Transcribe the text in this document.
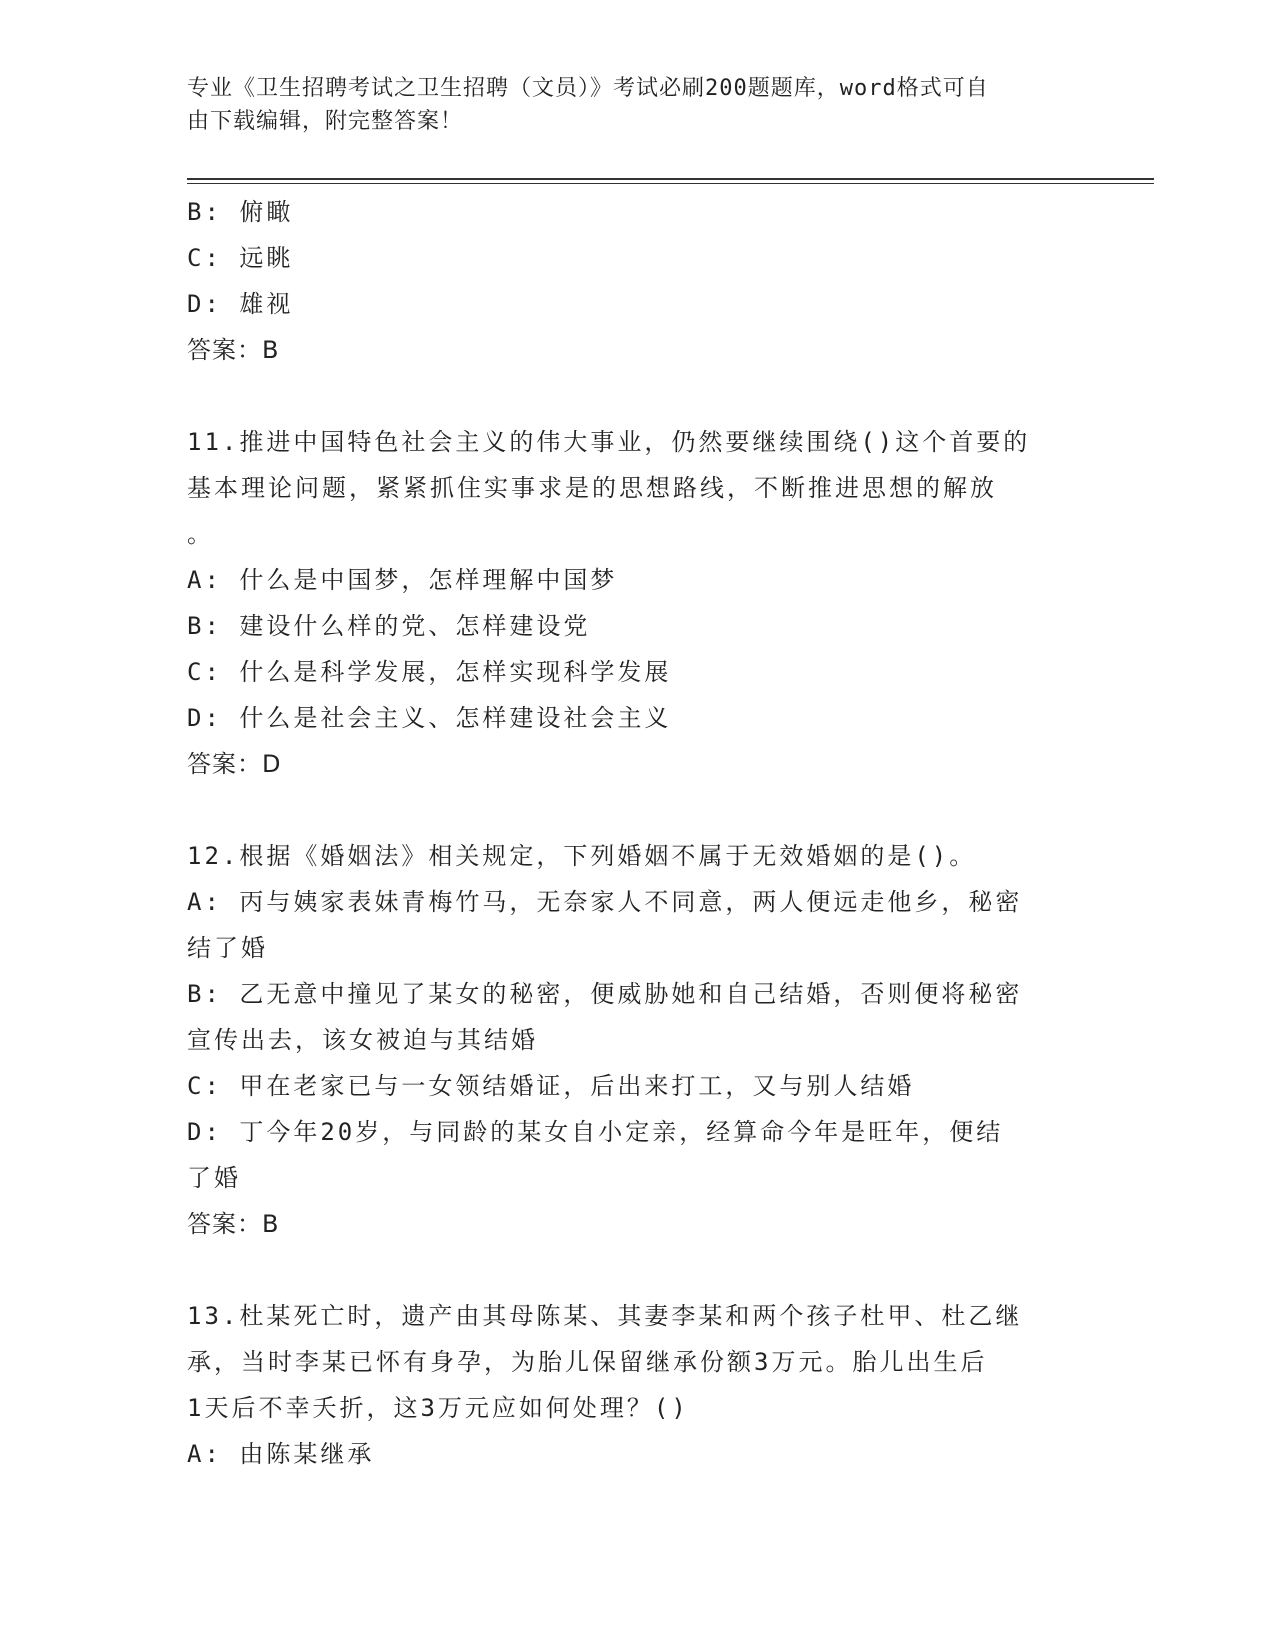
专业《卫生招聘考试之卫生招聘（文员）》考试必刷200题题库，word格式可自
由下载编辑，附完整答案！
B: 俯瞰
C: 远眺
D: 雄视
答案：B
11.推进中国特色社会主义的伟大事业，仍然要继续围绕()这个首要的
基本理论问题，紧紧抓住实事求是的思想路线，不断推进思想的解放
。
A: 什么是中国梦，怎样理解中国梦
B: 建设什么样的党、怎样建设党
C: 什么是科学发展，怎样实现科学发展
D: 什么是社会主义、怎样建设社会主义
答案：D
12.根据《婚姻法》相关规定，下列婚姻不属于无效婚姻的是()。
A: 丙与姨家表妹青梅竹马，无奈家人不同意，两人便远走他乡，秘密
结了婚
B: 乙无意中撞见了某女的秘密，便威胁她和自己结婚，否则便将秘密
宣传出去，该女被迫与其结婚
C: 甲在老家已与一女领结婚证，后出来打工，又与别人结婚
D: 丁今年20岁，与同龄的某女自小定亲，经算命今年是旺年，便结
了婚
答案：B
13.杜某死亡时，遗产由其母陈某、其妻李某和两个孩子杜甲、杜乙继
承，当时李某已怀有身孕，为胎儿保留继承份额3万元。胎儿出生后
1天后不幸夭折，这3万元应如何处理？()
A: 由陈某继承
